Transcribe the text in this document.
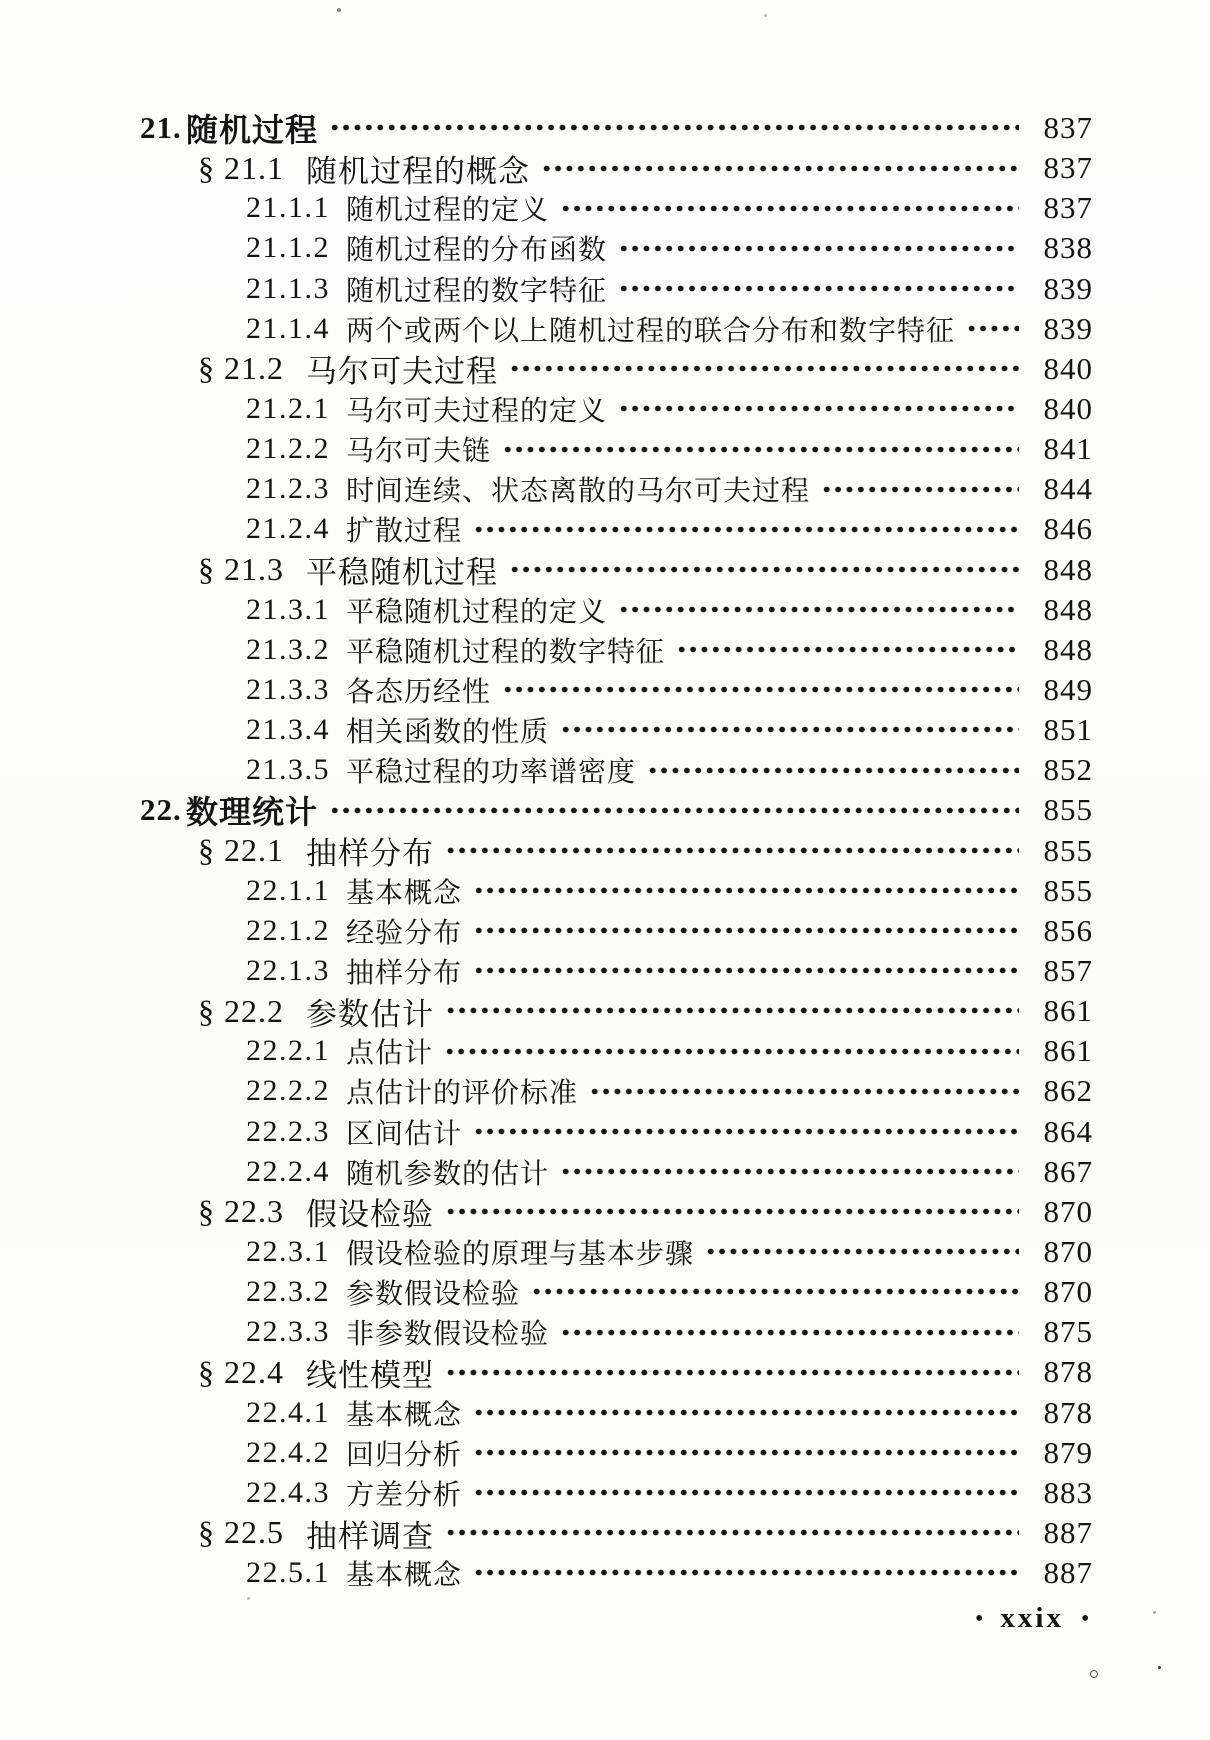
21. 随机过程	837
§ 21.1 随机过程的概念	837
21.1.1 随机过程的定义	837
21.1.2 随机过程的分布函数	838
21.1.3 随机过程的数字特征	839
21.1.4 两个或两个以上随机过程的联合分布和数字特征	839
§ 21.2 马尔可夫过程	840
21.2.1 马尔可夫过程的定义	840
21.2.2 马尔可夫链	841
21.2.3 时间连续、状态离散的马尔可夫过程	844
21.2.4 扩散过程	846
§ 21.3 平稳随机过程	848
21.3.1 平稳随机过程的定义	848
21.3.2 平稳随机过程的数字特征	848
21.3.3 各态历经性	849
21.3.4 相关函数的性质	851
21.3.5 平稳过程的功率谱密度	852
22. 数理统计	855
§ 22.1 抽样分布	855
22.1.1 基本概念	855
22.1.2 经验分布	856
22.1.3 抽样分布	857
§ 22.2 参数估计	861
22.2.1 点估计	861
22.2.2 点估计的评价标准	862
22.2.3 区间估计	864
22.2.4 随机参数的估计	867
§ 22.3 假设检验	870
22.3.1 假设检验的原理与基本步骤	870
22.3.2 参数假设检验	870
22.3.3 非参数假设检验	875
§ 22.4 线性模型	878
22.4.1 基本概念	878
22.4.2 回归分析	879
22.4.3 方差分析	883
§ 22.5 抽样调查	887
22.5.1 基本概念	887
• xxix •
